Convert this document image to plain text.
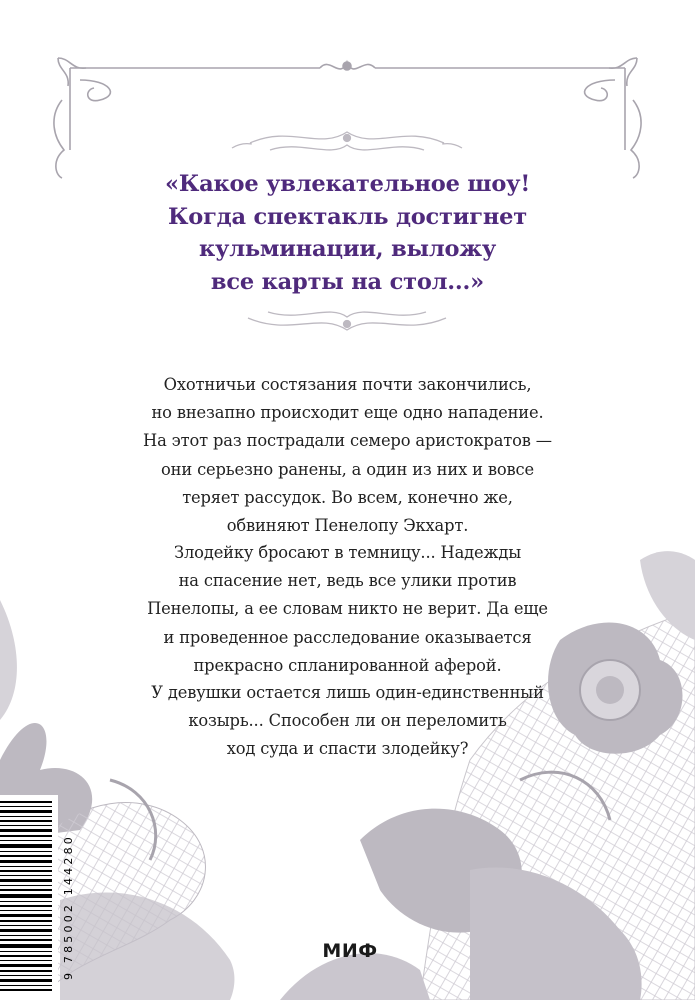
«Какое увлекательное шоу!
Когда спектакль достигнет
кульминации, выложу
все карты на стол...»
Охотничьи состязания почти закончились,
но внезапно происходит еще одно нападение.
На этот раз пострадали семеро аристократов —
они серьезно ранены, а один из них и вовсе
теряет рассудок. Во всем, конечно же,
обвиняют Пенелопу Экхарт.
Злодейку бросают в темницу... Надежды
на спасение нет, ведь все улики против
Пенелопы, а ее словам никто не верит. Да еще
и проведенное расследование оказывается
прекрасно спланированной аферой.
У девушки остается лишь один-единственный
козырь... Способен ли он переломить
ход суда и спасти злодейку?
9 785002 144280	МИФ
